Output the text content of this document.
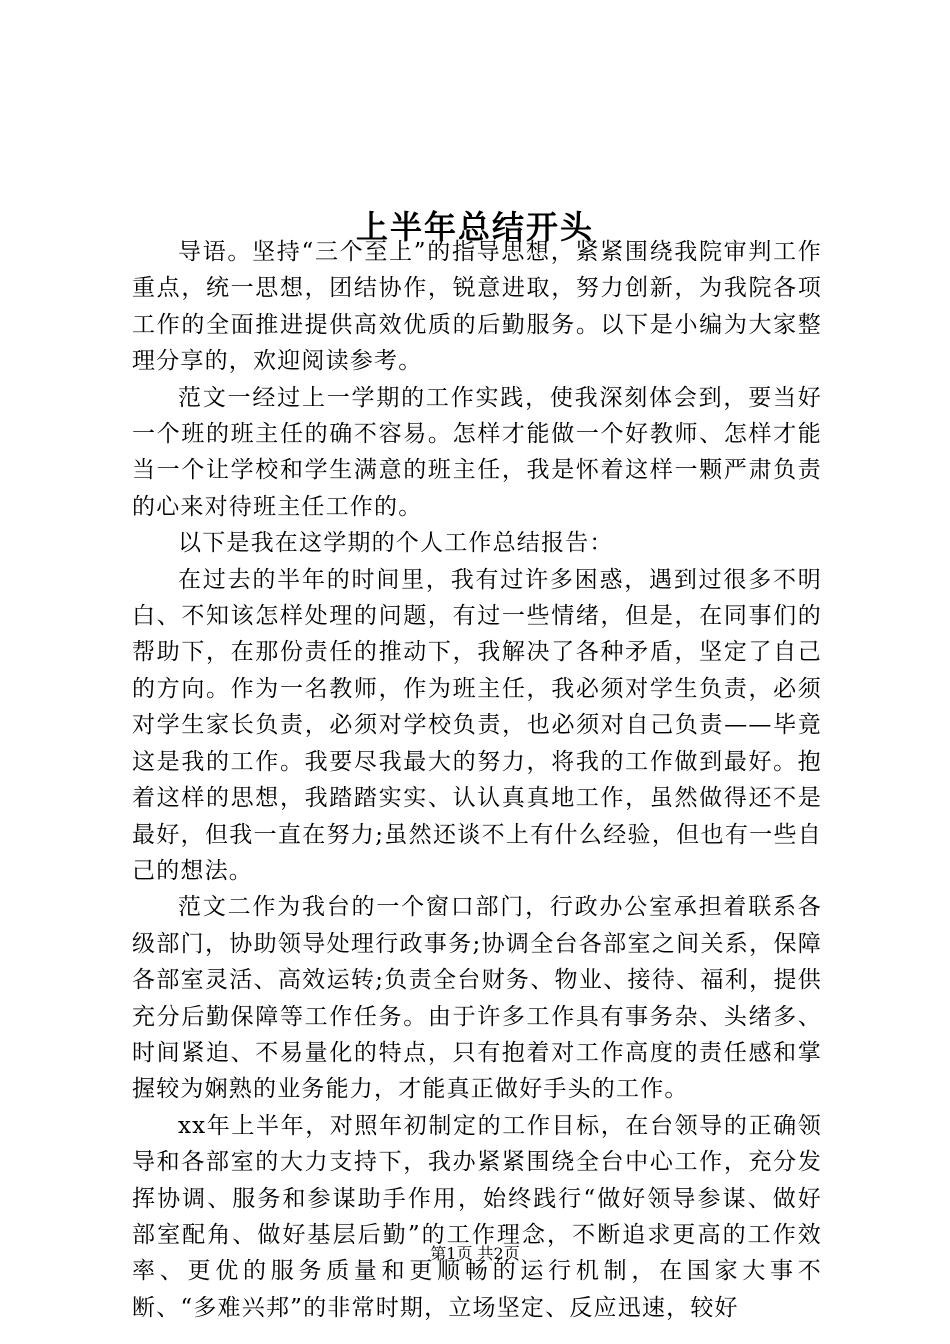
上半年总结开头

导语。坚持“三个至上”的指导思想，紧紧围绕我院审判工作重点，统一思想，团结协作，锐意进取，努力创新，为我院各项工作的全面推进提供高效优质的后勤服务。以下是小编为大家整理分享的，欢迎阅读参考。

范文一经过上一学期的工作实践，使我深刻体会到，要当好一个班的班主任的确不容易。怎样才能做一个好教师、怎样才能当一个让学校和学生满意的班主任，我是怀着这样一颗严肃负责的心来对待班主任工作的。

以下是我在这学期的个人工作总结报告：

在过去的半年的时间里，我有过许多困惑，遇到过很多不明白、不知该怎样处理的问题，有过一些情绪，但是，在同事们的帮助下，在那份责任的推动下，我解决了各种矛盾，坚定了自己的方向。作为一名教师，作为班主任，我必须对学生负责，必须对学生家长负责，必须对学校负责，也必须对自己负责——毕竟这是我的工作。我要尽我最大的努力，将我的工作做到最好。抱着这样的思想，我踏踏实实、认认真真地工作，虽然做得还不是最好，但我一直在努力;虽然还谈不上有什么经验，但也有一些自己的想法。

范文二作为我台的一个窗口部门，行政办公室承担着联系各级部门，协助领导处理行政事务;协调全台各部室之间关系，保障各部室灵活、高效运转;负责全台财务、物业、接待、福利，提供充分后勤保障等工作任务。由于许多工作具有事务杂、头绪多、时间紧迫、不易量化的特点，只有抱着对工作高度的责任感和掌握较为娴熟的业务能力，才能真正做好手头的工作。

xx年上半年，对照年初制定的工作目标，在台领导的正确领导和各部室的大力支持下，我办紧紧围绕全台中心工作，充分发挥协调、服务和参谋助手作用，始终践行“做好领导参谋、做好部室配角、做好基层后勤”的工作理念，不断追求更高的工作效率、更优的服务质量和更顺畅的运行机制，在国家大事不断、“多难兴邦”的非常时期，立场坚定、反应迅速，较好

第1页 共2页
